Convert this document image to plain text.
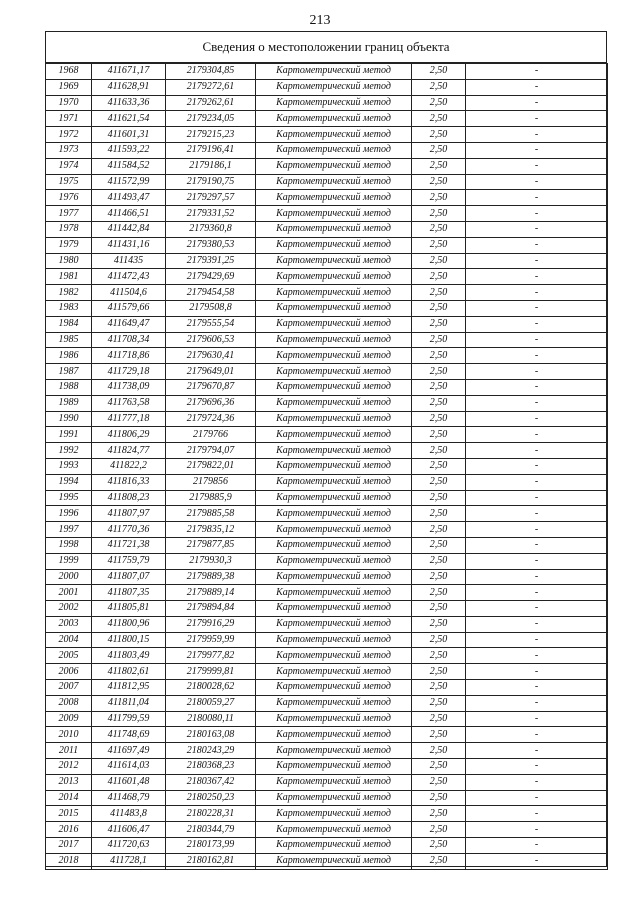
213
Сведения о местоположении границ объекта
1968	411671,17	2179304,85	Картометрический метод	2,50	-
1969	411628,91	2179272,61	Картометрический метод	2,50	-
1970	411633,36	2179262,61	Картометрический метод	2,50	-
1971	411621,54	2179234,05	Картометрический метод	2,50	-
1972	411601,31	2179215,23	Картометрический метод	2,50	-
1973	411593,22	2179196,41	Картометрический метод	2,50	-
1974	411584,52	2179186,1	Картометрический метод	2,50	-
1975	411572,99	2179190,75	Картометрический метод	2,50	-
1976	411493,47	2179297,57	Картометрический метод	2,50	-
1977	411466,51	2179331,52	Картометрический метод	2,50	-
1978	411442,84	2179360,8	Картометрический метод	2,50	-
1979	411431,16	2179380,53	Картометрический метод	2,50	-
1980	411435	2179391,25	Картометрический метод	2,50	-
1981	411472,43	2179429,69	Картометрический метод	2,50	-
1982	411504,6	2179454,58	Картометрический метод	2,50	-
1983	411579,66	2179508,8	Картометрический метод	2,50	-
1984	411649,47	2179555,54	Картометрический метод	2,50	-
1985	411708,34	2179606,53	Картометрический метод	2,50	-
1986	411718,86	2179630,41	Картометрический метод	2,50	-
1987	411729,18	2179649,01	Картометрический метод	2,50	-
1988	411738,09	2179670,87	Картометрический метод	2,50	-
1989	411763,58	2179696,36	Картометрический метод	2,50	-
1990	411777,18	2179724,36	Картометрический метод	2,50	-
1991	411806,29	2179766	Картометрический метод	2,50	-
1992	411824,77	2179794,07	Картометрический метод	2,50	-
1993	411822,2	2179822,01	Картометрический метод	2,50	-
1994	411816,33	2179856	Картометрический метод	2,50	-
1995	411808,23	2179885,9	Картометрический метод	2,50	-
1996	411807,97	2179885,58	Картометрический метод	2,50	-
1997	411770,36	2179835,12	Картометрический метод	2,50	-
1998	411721,38	2179877,85	Картометрический метод	2,50	-
1999	411759,79	2179930,3	Картометрический метод	2,50	-
2000	411807,07	2179889,38	Картометрический метод	2,50	-
2001	411807,35	2179889,14	Картометрический метод	2,50	-
2002	411805,81	2179894,84	Картометрический метод	2,50	-
2003	411800,96	2179916,29	Картометрический метод	2,50	-
2004	411800,15	2179959,99	Картометрический метод	2,50	-
2005	411803,49	2179977,82	Картометрический метод	2,50	-
2006	411802,61	2179999,81	Картометрический метод	2,50	-
2007	411812,95	2180028,62	Картометрический метод	2,50	-
2008	411811,04	2180059,27	Картометрический метод	2,50	-
2009	411799,59	2180080,11	Картометрический метод	2,50	-
2010	411748,69	2180163,08	Картометрический метод	2,50	-
2011	411697,49	2180243,29	Картометрический метод	2,50	-
2012	411614,03	2180368,23	Картометрический метод	2,50	-
2013	411601,48	2180367,42	Картометрический метод	2,50	-
2014	411468,79	2180250,23	Картометрический метод	2,50	-
2015	411483,8	2180228,31	Картометрический метод	2,50	-
2016	411606,47	2180344,79	Картометрический метод	2,50	-
2017	411720,63	2180173,99	Картометрический метод	2,50	-
2018	411728,1	2180162,81	Картометрический метод	2,50	-
